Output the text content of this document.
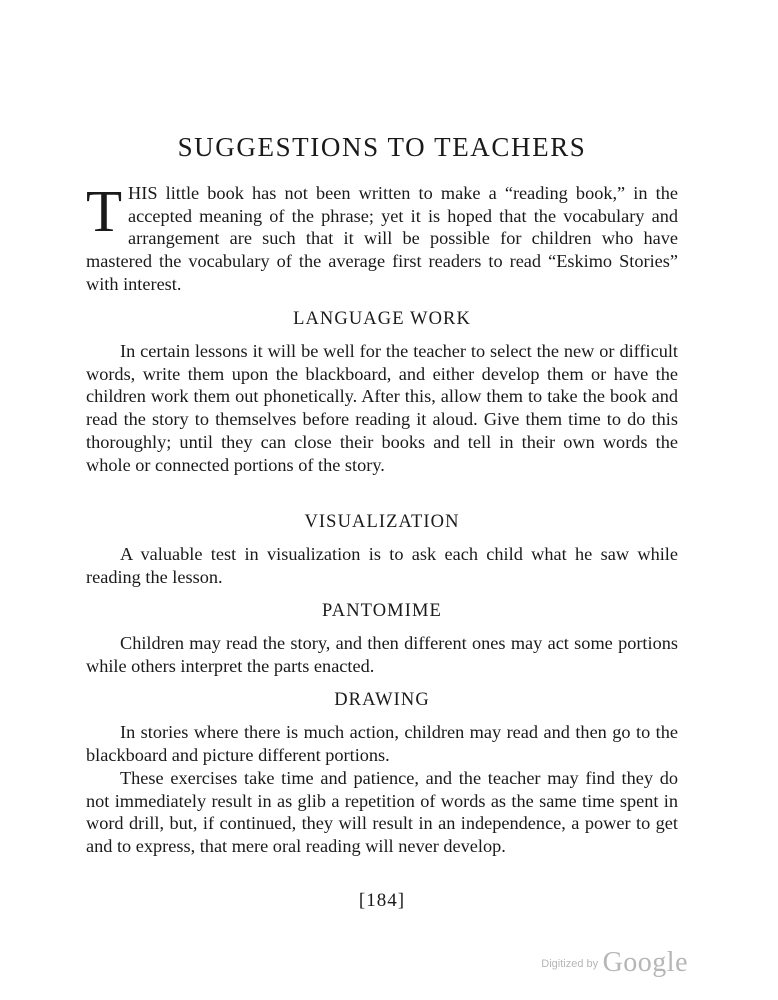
SUGGESTIONS TO TEACHERS

THIS little book has not been written to make a “reading book,” in the accepted meaning of the phrase; yet it is hoped that the vocabulary and arrangement are such that it will be possible for children who have mastered the vocabulary of the average first readers to read “Eskimo Stories” with interest.

LANGUAGE WORK

In certain lessons it will be well for the teacher to select the new or difficult words, write them upon the blackboard, and either develop them or have the children work them out phonetically. After this, allow them to take the book and read the story to themselves before reading it aloud. Give them time to do this thoroughly; until they can close their books and tell in their own words the whole or connected portions of the story.

VISUALIZATION

A valuable test in visualization is to ask each child what he saw while reading the lesson.

PANTOMIME

Children may read the story, and then different ones may act some portions while others interpret the parts enacted.

DRAWING

In stories where there is much action, children may read and then go to the blackboard and picture different portions.

These exercises take time and patience, and the teacher may find they do not immediately result in as glib a repetition of words as the same time spent in word drill, but, if continued, they will result in an independence, a power to get and to express, that mere oral reading will never develop.

[184]
$^{Digitized by}$ Google
